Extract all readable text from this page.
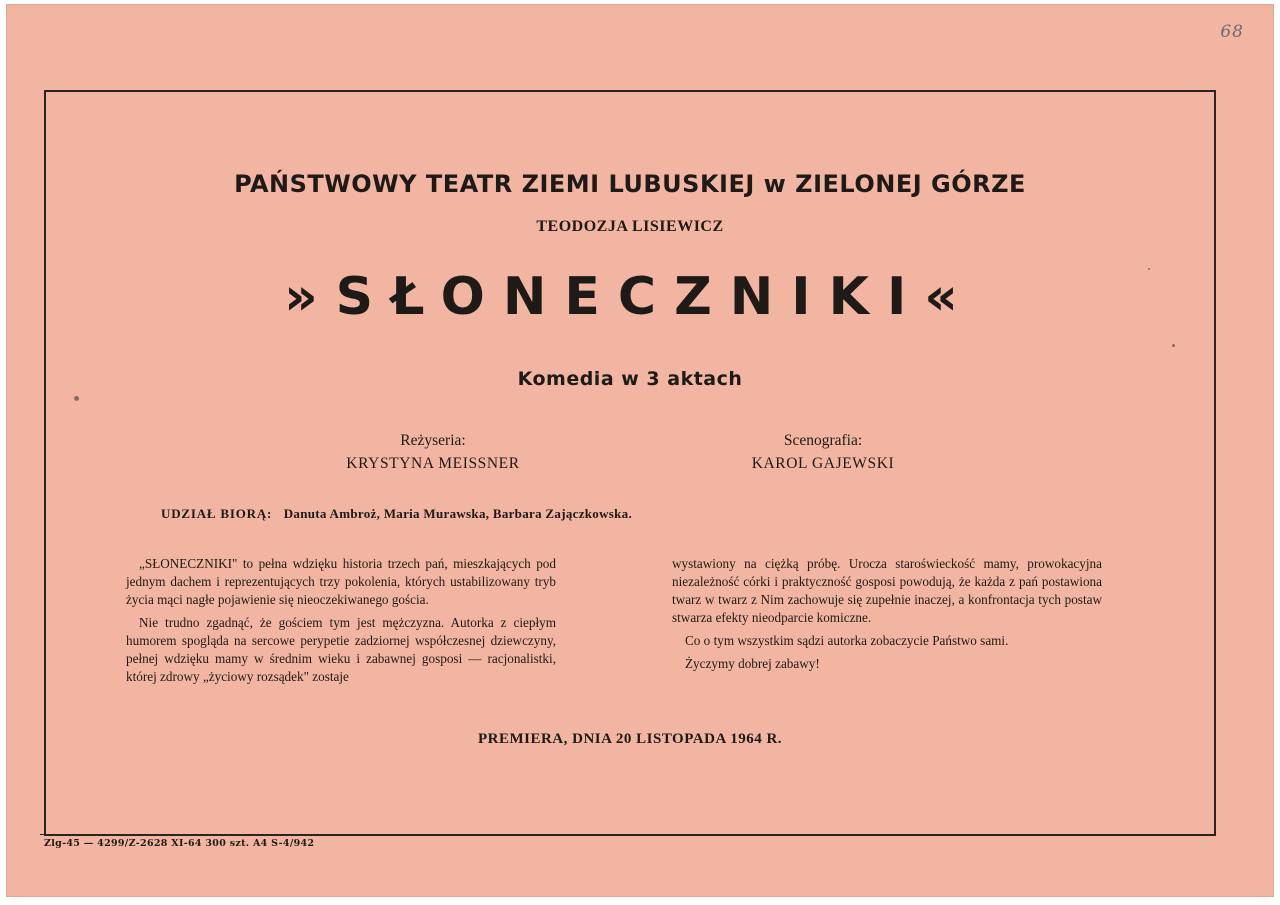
68
PAŃSTWOWY TEATR ZIEMI LUBUSKIEJ w ZIELONEJ GÓRZE
TEODOZJA LISIEWICZ
»SŁONECZNIKI«
Komedia w 3 aktach
Reżyseria:
KRYSTYNA MEISSNER
Scenografia:
KAROL GAJEWSKI
UDZIAŁ BIORĄ: Danuta Ambroż, Maria Murawska, Barbara Zajączkowska.

„SŁONECZNIKI" to pełna wdzięku historia trzech pań, mieszkających pod jednym dachem i reprezentujących trzy pokolenia, których ustabilizowany tryb życia mąci nagłe pojawienie się nieoczekiwanego gościa.

Nie trudno zgadnąć, że gościem tym jest mężczyzna. Autorka z ciepłym humorem spogląda na sercowe perypetie zadziornej współczesnej dziewczyny, pełnej wdzięku mamy w średnim wieku i zabawnej gosposi — racjonalistki, której zdrowy „życiowy rozsądek" zostaje

wystawiony na ciężką próbę. Urocza staroświeckość mamy, prowokacyjna niezależność córki i praktyczność gosposi powodują, że każda z pań postawiona twarz w twarz z Nim zachowuje się zupełnie inaczej, a konfrontacja tych postaw stwarza efekty nieodparcie komiczne.

Co o tym wszystkim sądzi autorka zobaczycie Państwo sami.

Życzymy dobrej zabawy!

PREMIERA, DNIA 20 LISTOPADA 1964 R.
Zlg-45 — 4299/Z-2628 XI-64 300 szt. A4 S-4/942
